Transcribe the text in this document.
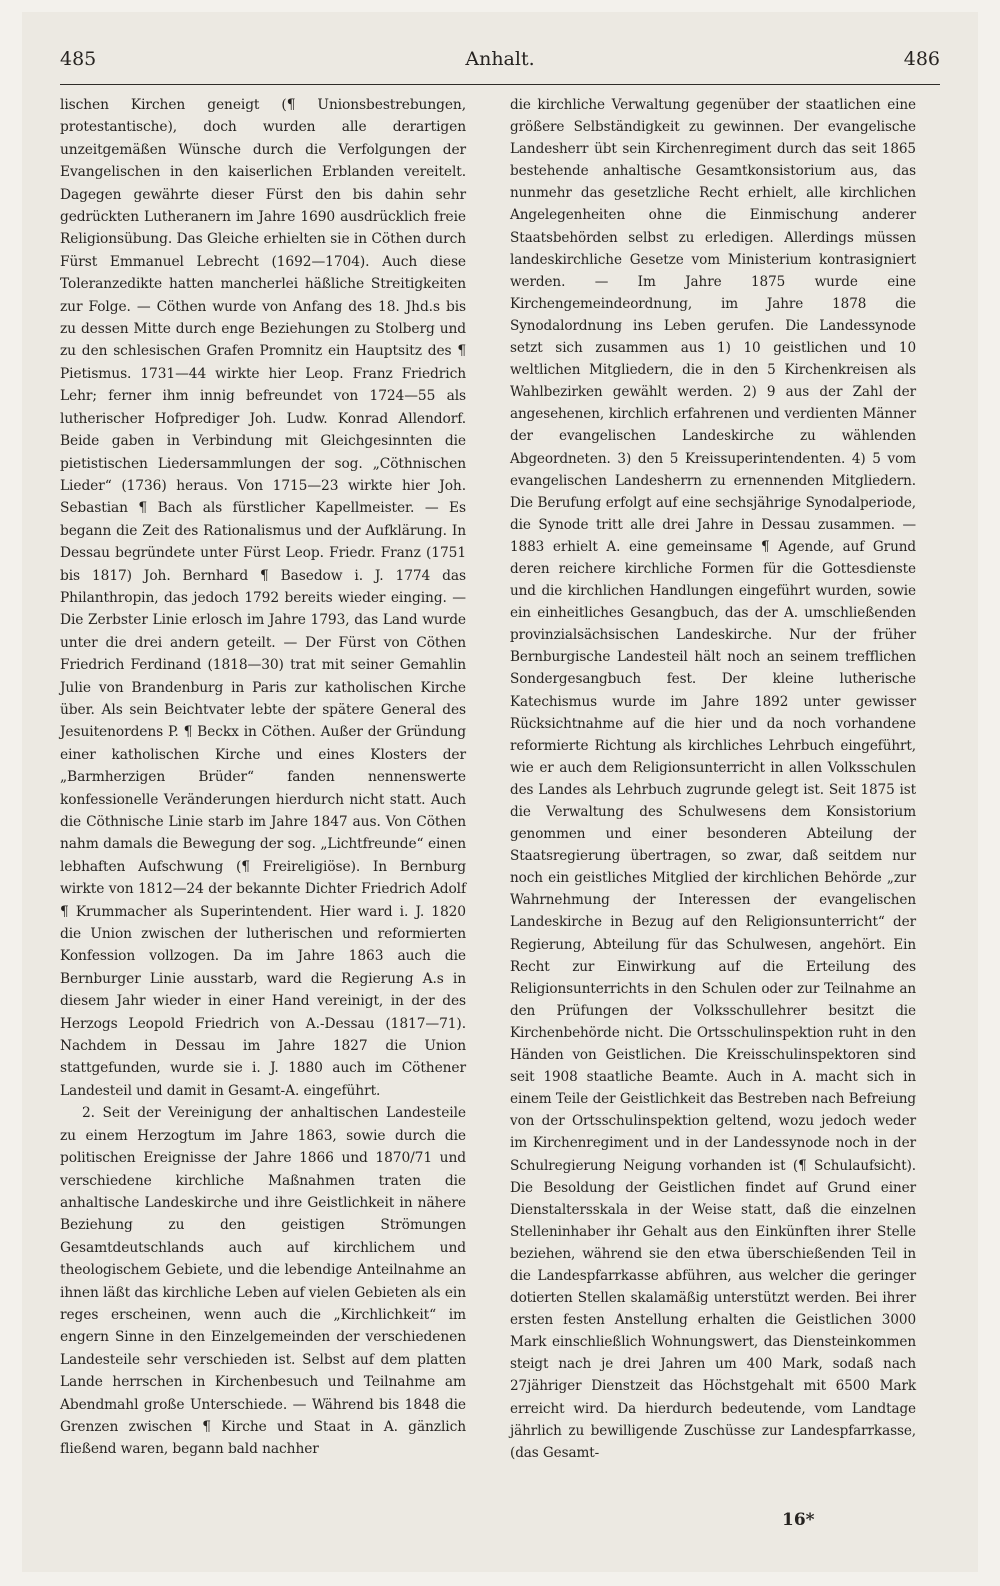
485	Anhalt.	486

lischen Kirchen geneigt (¶ Unionsbestrebungen, protestantische), doch wurden alle derartigen unzeitgemäßen Wünsche durch die Verfolgungen der Evangelischen in den kaiserlichen Erblanden vereitelt. Dagegen gewährte dieser Fürst den bis dahin sehr gedrückten Lutheranern im Jahre 1690 ausdrücklich freie Religionsübung. Das Gleiche erhielten sie in Cöthen durch Fürst Emmanuel Lebrecht (1692—1704). Auch diese Toleranzedikte hatten mancherlei häßliche Streitigkeiten zur Folge. — Cöthen wurde von Anfang des 18. Jhd.s bis zu dessen Mitte durch enge Beziehungen zu Stolberg und zu den schlesischen Grafen Promnitz ein Hauptsitz des ¶ Pietismus. 1731—44 wirkte hier Leop. Franz Friedrich Lehr; ferner ihm innig befreundet von 1724—55 als lutherischer Hofprediger Joh. Ludw. Konrad Allendorf. Beide gaben in Verbindung mit Gleichgesinnten die pietistischen Liedersammlungen der sog. „Cöthnischen Lieder“ (1736) heraus. Von 1715—23 wirkte hier Joh. Sebastian ¶ Bach als fürstlicher Kapellmeister. — Es begann die Zeit des Rationalismus und der Aufklärung. In Dessau begründete unter Fürst Leop. Friedr. Franz (1751 bis 1817) Joh. Bernhard ¶ Basedow i. J. 1774 das Philanthropin, das jedoch 1792 bereits wieder einging. — Die Zerbster Linie erlosch im Jahre 1793, das Land wurde unter die drei andern geteilt. — Der Fürst von Cöthen Friedrich Ferdinand (1818—30) trat mit seiner Gemahlin Julie von Brandenburg in Paris zur katholischen Kirche über. Als sein Beichtvater lebte der spätere General des Jesuitenordens P. ¶ Beckx in Cöthen. Außer der Gründung einer katholischen Kirche und eines Klosters der „Barmherzigen Brüder“ fanden nennenswerte konfessionelle Veränderungen hierdurch nicht statt. Auch die Cöthnische Linie starb im Jahre 1847 aus. Von Cöthen nahm damals die Bewegung der sog. „Lichtfreunde“ einen lebhaften Aufschwung (¶ Freireligiöse). In Bernburg wirkte von 1812—24 der bekannte Dichter Friedrich Adolf ¶ Krummacher als Superintendent. Hier ward i. J. 1820 die Union zwischen der lutherischen und reformierten Konfession vollzogen. Da im Jahre 1863 auch die Bernburger Linie ausstarb, ward die Regierung A.s in diesem Jahr wieder in einer Hand vereinigt, in der des Herzogs Leopold Friedrich von A.-Dessau (1817—71). Nachdem in Dessau im Jahre 1827 die Union stattgefunden, wurde sie i. J. 1880 auch im Cöthener Landesteil und damit in Gesamt-A. eingeführt.

2. Seit der Vereinigung der anhaltischen Landesteile zu einem Herzogtum im Jahre 1863, sowie durch die politischen Ereignisse der Jahre 1866 und 1870/71 und verschiedene kirchliche Maßnahmen traten die anhaltische Landeskirche und ihre Geistlichkeit in nähere Beziehung zu den geistigen Strömungen Gesamtdeutschlands auch auf kirchlichem und theologischem Gebiete, und die lebendige Anteilnahme an ihnen läßt das kirchliche Leben auf vielen Gebieten als ein reges erscheinen, wenn auch die „Kirchlichkeit“ im engern Sinne in den Einzelgemeinden der verschiedenen Landesteile sehr verschieden ist. Selbst auf dem platten Lande herrschen in Kirchenbesuch und Teilnahme am Abendmahl große Unterschiede. — Während bis 1848 die Grenzen zwischen ¶ Kirche und Staat in A. gänzlich fließend waren, begann bald nachher

die kirchliche Verwaltung gegenüber der staatlichen eine größere Selbständigkeit zu gewinnen. Der evangelische Landesherr übt sein Kirchenregiment durch das seit 1865 bestehende anhaltische Gesamtkonsistorium aus, das nunmehr das gesetzliche Recht erhielt, alle kirchlichen Angelegenheiten ohne die Einmischung anderer Staatsbehörden selbst zu erledigen. Allerdings müssen landeskirchliche Gesetze vom Ministerium kontrasigniert werden. — Im Jahre 1875 wurde eine Kirchengemeindeordnung, im Jahre 1878 die Synodalordnung ins Leben gerufen. Die Landessynode setzt sich zusammen aus 1) 10 geistlichen und 10 weltlichen Mitgliedern, die in den 5 Kirchenkreisen als Wahlbezirken gewählt werden. 2) 9 aus der Zahl der angesehenen, kirchlich erfahrenen und verdienten Männer der evangelischen Landeskirche zu wählenden Abgeordneten. 3) den 5 Kreissuperintendenten. 4) 5 vom evangelischen Landesherrn zu ernennenden Mitgliedern. Die Berufung erfolgt auf eine sechsjährige Synodalperiode, die Synode tritt alle drei Jahre in Dessau zusammen. — 1883 erhielt A. eine gemeinsame ¶ Agende, auf Grund deren reichere kirchliche Formen für die Gottesdienste und die kirchlichen Handlungen eingeführt wurden, sowie ein einheitliches Gesangbuch, das der A. umschließenden provinzialsächsischen Landeskirche. Nur der früher Bernburgische Landesteil hält noch an seinem trefflichen Sondergesangbuch fest. Der kleine lutherische Katechismus wurde im Jahre 1892 unter gewisser Rücksichtnahme auf die hier und da noch vorhandene reformierte Richtung als kirchliches Lehrbuch eingeführt, wie er auch dem Religionsunterricht in allen Volksschulen des Landes als Lehrbuch zugrunde gelegt ist. Seit 1875 ist die Verwaltung des Schulwesens dem Konsistorium genommen und einer besonderen Abteilung der Staatsregierung übertragen, so zwar, daß seitdem nur noch ein geistliches Mitglied der kirchlichen Behörde „zur Wahrnehmung der Interessen der evangelischen Landeskirche in Bezug auf den Religionsunterricht“ der Regierung, Abteilung für das Schulwesen, angehört. Ein Recht zur Einwirkung auf die Erteilung des Religionsunterrichts in den Schulen oder zur Teilnahme an den Prüfungen der Volksschullehrer besitzt die Kirchenbehörde nicht. Die Ortsschulinspektion ruht in den Händen von Geistlichen. Die Kreisschulinspektoren sind seit 1908 staatliche Beamte. Auch in A. macht sich in einem Teile der Geistlichkeit das Bestreben nach Befreiung von der Ortsschulinspektion geltend, wozu jedoch weder im Kirchenregiment und in der Landessynode noch in der Schulregierung Neigung vorhanden ist (¶ Schulaufsicht). Die Besoldung der Geistlichen findet auf Grund einer Dienstaltersskala in der Weise statt, daß die einzelnen Stelleninhaber ihr Gehalt aus den Einkünften ihrer Stelle beziehen, während sie den etwa überschießenden Teil in die Landespfarrkasse abführen, aus welcher die geringer dotierten Stellen skalamäßig unterstützt werden. Bei ihrer ersten festen Anstellung erhalten die Geistlichen 3000 Mark einschließlich Wohnungswert, das Diensteinkommen steigt nach je drei Jahren um 400 Mark, sodaß nach 27jähriger Dienstzeit das Höchstgehalt mit 6500 Mark erreicht wird. Da hierdurch bedeutende, vom Landtage jährlich zu bewilligende Zuschüsse zur Landespfarrkasse, (das Gesamt-

16*
